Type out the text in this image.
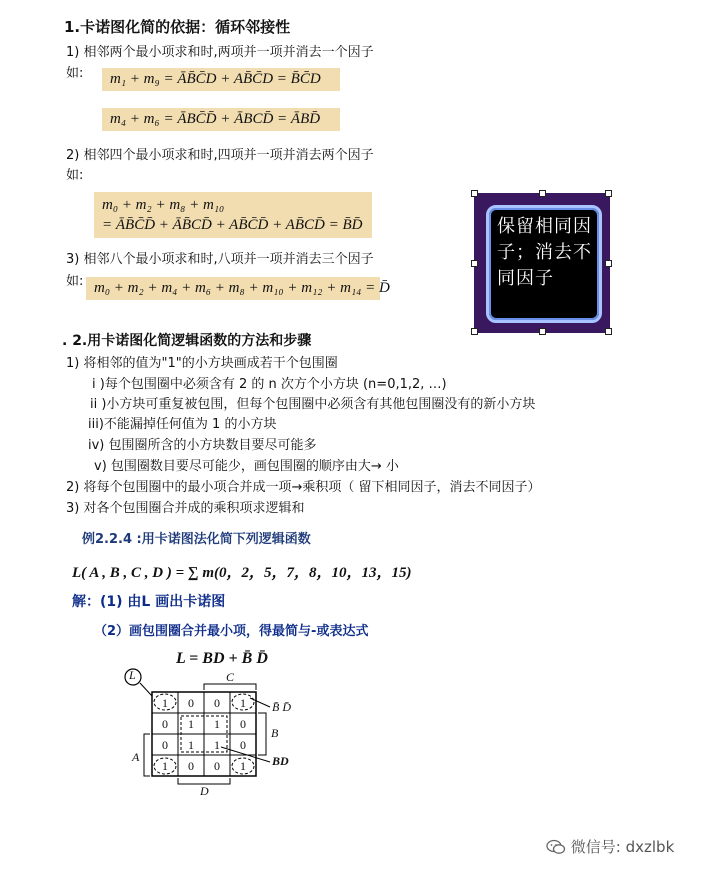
1.卡诺图化简的依据：循环邻接性
1) 相邻两个最小项求和时,两项并一项并消去一个因子
如:	m₁ + m₉ = ĀB̄C̄D + AB̄C̄D = B̄C̄D
m₄ + m₆ = ĀBC̄D̄ + ĀBCD̄ = ĀBD̄
2) 相邻四个最小项求和时,四项并一项并消去两个因子
如:
m₀ + m₂ + m₈ + m₁₀
= ĀB̄C̄D̄ + ĀB̄CD̄ + AB̄C̄D̄ + AB̄CD̄ = B̄D̄
3) 相邻八个最小项求和时,八项并一项并消去三个因子
如: m₀ + m₂ + m₄ + m₆ + m₈ + m₁₀ + m₁₂ + m₁₄ = D̄
保留相同因子；消去不同因子
. 2.用卡诺图化简逻辑函数的方法和步骤
1) 将相邻的值为"1"的小方块画成若干个包围圈
i )每个包围圈中必须含有 2 的 n 次方个小方块 (n=0,1,2, …)
ii )小方块可重复被包围，但每个包围圈中必须含有其他包围圈没有的新小方块
iii)不能漏掉任何值为 1 的小方块
iv) 包围圈所含的小方块数目要尽可能多
v) 包围圈数目要尽可能少，画包围圈的顺序由大→ 小
2) 将每个包围圈中的最小项合并成一项→乘积项（ 留下相同因子，消去不同因子）
3) 对各个包围圈合并成的乘积项求逻辑和
例2.2.4 :用卡诺图法化简下列逻辑函数
L( A , B , C , D ) = ∑ m(0，2，5，7，8，10，13，15)
解：(1) 由L 画出卡诺图
（2）画包围圈合并最小项，得最简与-或表达式
L = BD + B̄ D̄
L	C
B
A
D
B̄ D̄
BD
1	0	0	1
0	1	1	0
0	1	1	0
1	0	0	1
微信号: dxzlbk
